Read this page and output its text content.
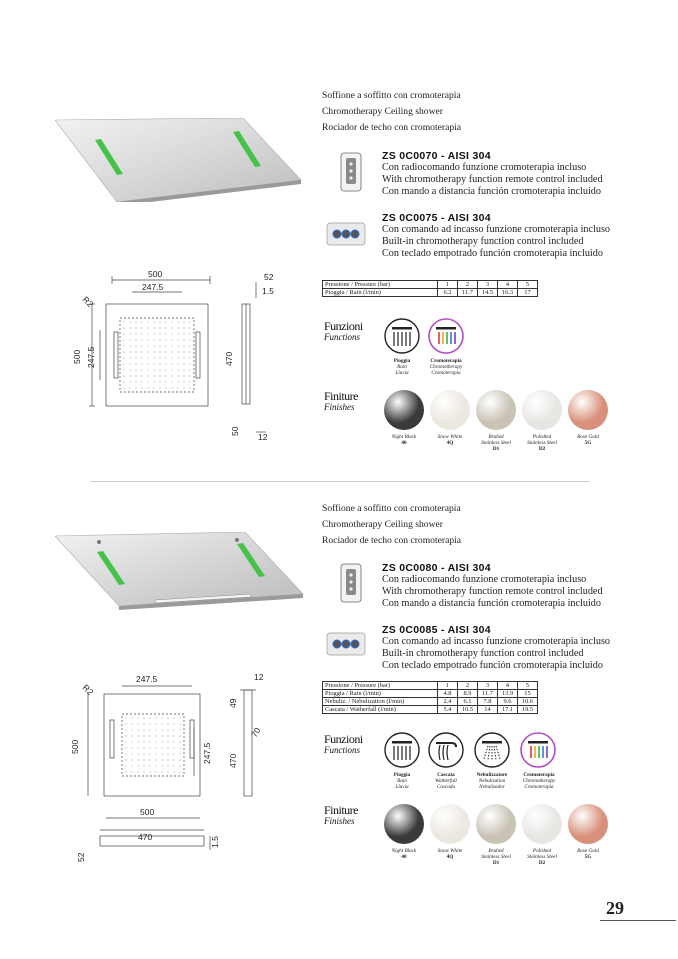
Soffione a soffitto con cromoterapia
Chromotherapy Ceiling shower
Rociador de techo con cromoterapia
ZS 0C0070 - AISI 304
Con radiocomando funzione cromoterapia incluso
With chromotherapy function remote control included
Con mando a distancia función cromoterapia incluido
ZS 0C0075 - AISI 304
Con comando ad incasso funzione cromoterapia incluso
Built-in chromotherapy function control included
Con teclado empotrado función cromoterapia incluido
Pressione / Pressure (bar)	1	2	3	4	5
Pioggia / Rain (l/min)	6.2	11.7	14.5	16.3	17
500
247.5
R2
500 247.5
52
1.5
470
50
12
Funzioni
Functions
Pioggia
Rain
Lluvia
Cromoterapia
Chromotherapy
Cromoterapia
Finiture
Finishes
Night Black
40
Snow White
4Q
Bruhed
Stainless Steel
D1
Polished
Stainless Steel
D2
Rose Gold
5G
Soffione a soffitto con cromoterapia
Chromotherapy Ceiling shower
Rociador de techo con cromoterapia
ZS 0C0080 - AISI 304
Con radiocomando funzione cromoterapia incluso
With chromotherapy function remote control included
Con mando a distancia función cromoterapia incluido
ZS 0C0085 - AISI 304
Con comando ad incasso funzione cromoterapia incluso
Built-in chromotherapy function control included
Con teclado empotrado función cromoterapia incluido
Pressione / Pressure (bar)	1	2	3	4	5
Pioggia / Rain (l/min)	4.8	8.9	11.7	13.9	15
Nebuliz. / Nebulization (l/min)	2.4	6.1	7.8	9.6	10.6
Cascata / Watherfall (l/min)	5.4	10.5	14	17.1	19.5
247.5
R2
500	247.5
500
12
49
470
70
470
52
1.5
Funzioni
Functions
Pioggia
Rain
Lluvia
Cascata
Watherfall
Cascada
Nebulizzatore
Nebulization
Nebulizador
Cromoterapia
Chromotherapy
Cromoterapia
Finiture
Finishes
Night Black
40
Snow White
4Q
Bruhed
Stainless Steel
D1
Polished
Stainless Steel
D2
Rose Gold
5G
29
